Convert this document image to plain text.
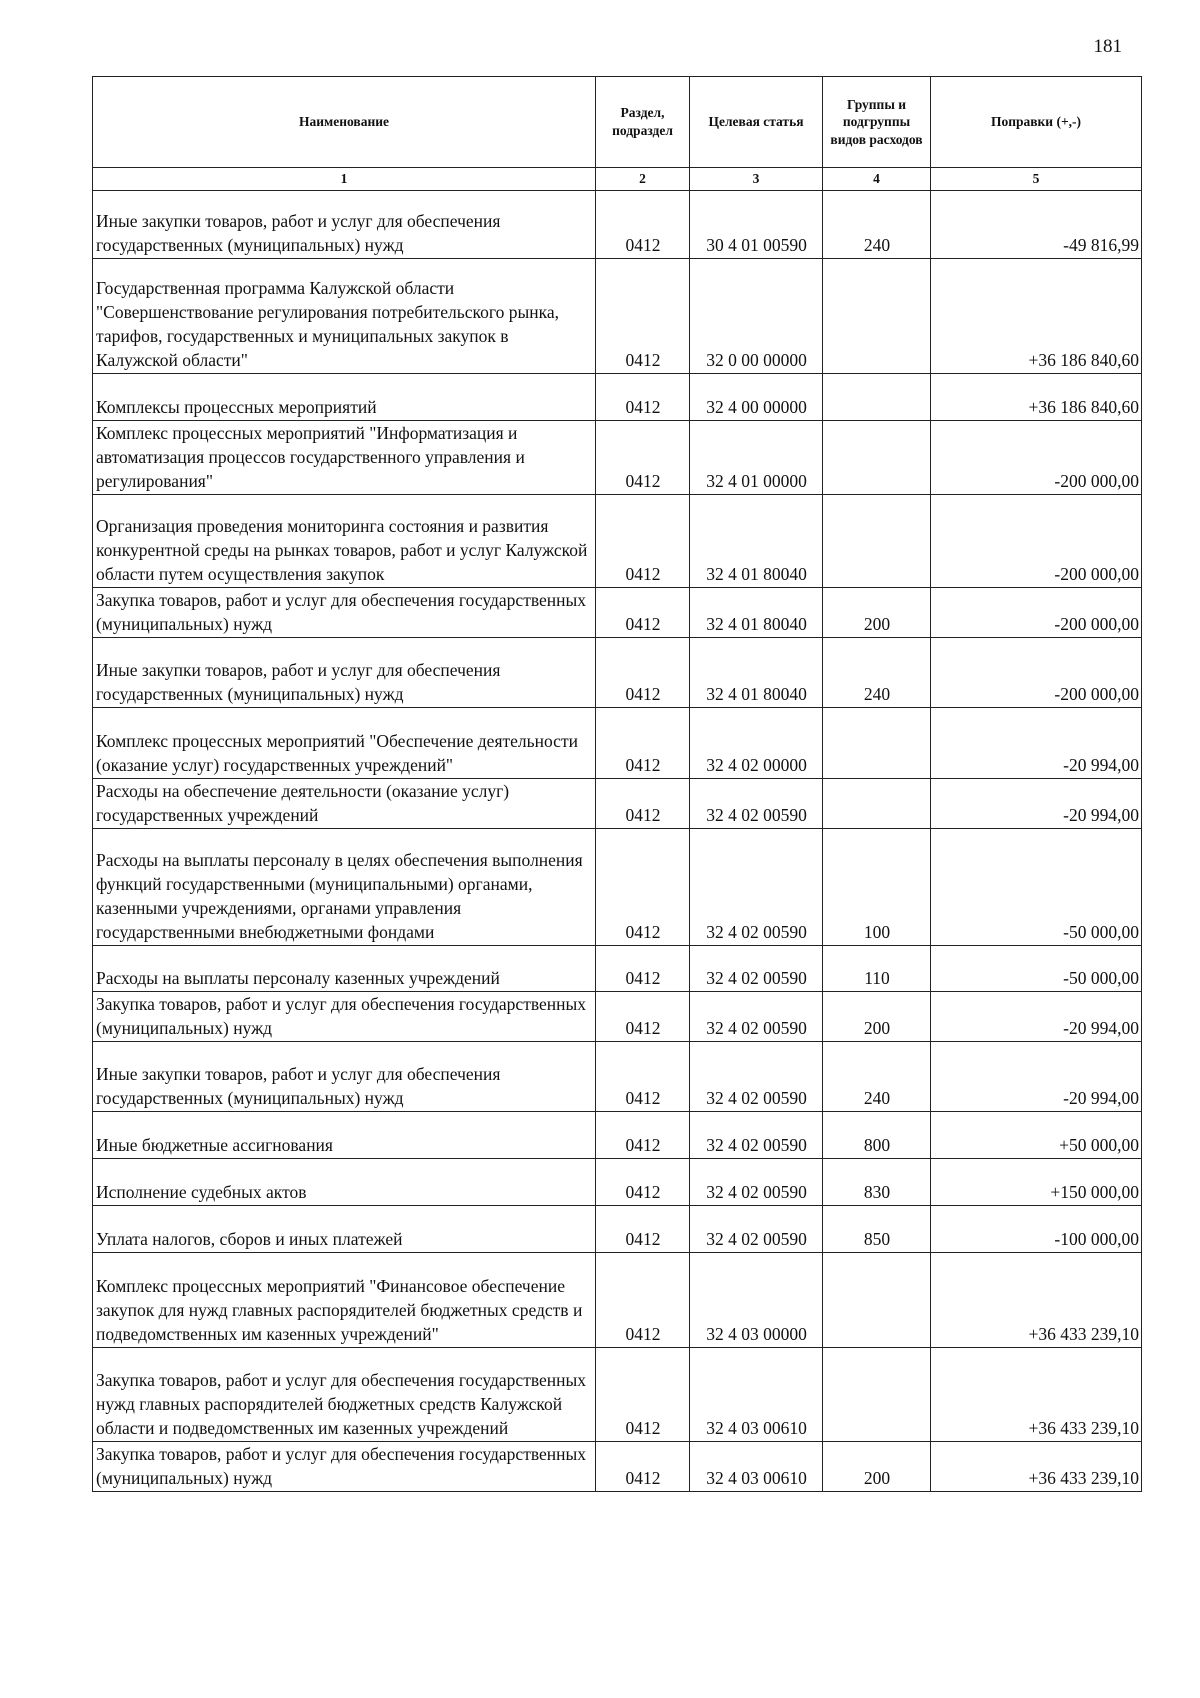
181
Наименование	Раздел, подраздел	Целевая статья	Группы и подгруппы видов расходов	Поправки (+,-)
1	2	3	4	5
Иные закупки товаров, работ и услуг для обеспечения государственных (муниципальных) нужд	0412	30 4 01 00590	240	-49 816,99
Государственная программа Калужской области "Совершенствование регулирования потребительского рынка, тарифов, государственных и муниципальных закупок в Калужской области"	0412	32 0 00 00000		+36 186 840,60
Комплексы процессных мероприятий	0412	32 4 00 00000		+36 186 840,60
Комплекс процессных мероприятий "Информатизация и автоматизация процессов государственного управления и регулирования"	0412	32 4 01 00000		-200 000,00
Организация проведения мониторинга состояния и развития конкурентной среды на рынках товаров, работ и услуг Калужской области путем осуществления закупок	0412	32 4 01 80040		-200 000,00
Закупка товаров, работ и услуг для обеспечения государственных (муниципальных) нужд	0412	32 4 01 80040	200	-200 000,00
Иные закупки товаров, работ и услуг для обеспечения государственных (муниципальных) нужд	0412	32 4 01 80040	240	-200 000,00
Комплекс процессных мероприятий "Обеспечение деятельности (оказание услуг) государственных учреждений"	0412	32 4 02 00000		-20 994,00
Расходы на обеспечение деятельности (оказание услуг) государственных учреждений	0412	32 4 02 00590		-20 994,00
Расходы на выплаты персоналу в целях обеспечения выполнения функций государственными (муниципальными) органами, казенными учреждениями, органами управления государственными внебюджетными фондами	0412	32 4 02 00590	100	-50 000,00
Расходы на выплаты персоналу казенных учреждений	0412	32 4 02 00590	110	-50 000,00
Закупка товаров, работ и услуг для обеспечения государственных (муниципальных) нужд	0412	32 4 02 00590	200	-20 994,00
Иные закупки товаров, работ и услуг для обеспечения государственных (муниципальных) нужд	0412	32 4 02 00590	240	-20 994,00
Иные бюджетные ассигнования	0412	32 4 02 00590	800	+50 000,00
Исполнение судебных актов	0412	32 4 02 00590	830	+150 000,00
Уплата налогов, сборов и иных платежей	0412	32 4 02 00590	850	-100 000,00
Комплекс процессных мероприятий "Финансовое обеспечение закупок для нужд главных распорядителей бюджетных средств и подведомственных им казенных учреждений"	0412	32 4 03 00000		+36 433 239,10
Закупка товаров, работ и услуг для обеспечения государственных нужд главных распорядителей бюджетных средств Калужской области и подведомственных им казенных учреждений	0412	32 4 03 00610		+36 433 239,10
Закупка товаров, работ и услуг для обеспечения государственных (муниципальных) нужд	0412	32 4 03 00610	200	+36 433 239,10
